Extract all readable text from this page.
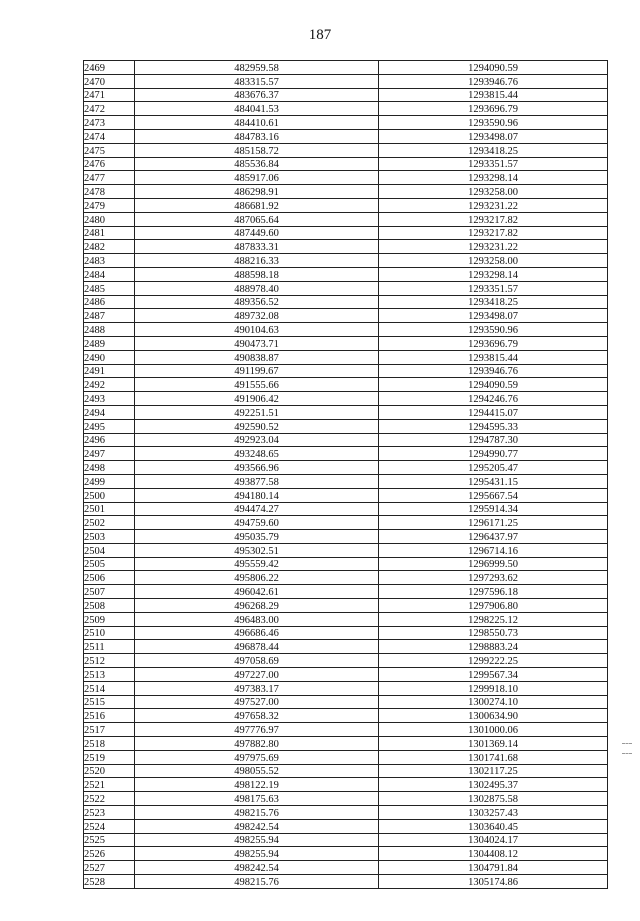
187
2469	482959.58	1294090.59
2470	483315.57	1293946.76
2471	483676.37	1293815.44
2472	484041.53	1293696.79
2473	484410.61	1293590.96
2474	484783.16	1293498.07
2475	485158.72	1293418.25
2476	485536.84	1293351.57
2477	485917.06	1293298.14
2478	486298.91	1293258.00
2479	486681.92	1293231.22
2480	487065.64	1293217.82
2481	487449.60	1293217.82
2482	487833.31	1293231.22
2483	488216.33	1293258.00
2484	488598.18	1293298.14
2485	488978.40	1293351.57
2486	489356.52	1293418.25
2487	489732.08	1293498.07
2488	490104.63	1293590.96
2489	490473.71	1293696.79
2490	490838.87	1293815.44
2491	491199.67	1293946.76
2492	491555.66	1294090.59
2493	491906.42	1294246.76
2494	492251.51	1294415.07
2495	492590.52	1294595.33
2496	492923.04	1294787.30
2497	493248.65	1294990.77
2498	493566.96	1295205.47
2499	493877.58	1295431.15
2500	494180.14	1295667.54
2501	494474.27	1295914.34
2502	494759.60	1296171.25
2503	495035.79	1296437.97
2504	495302.51	1296714.16
2505	495559.42	1296999.50
2506	495806.22	1297293.62
2507	496042.61	1297596.18
2508	496268.29	1297906.80
2509	496483.00	1298225.12
2510	496686.46	1298550.73
2511	496878.44	1298883.24
2512	497058.69	1299222.25
2513	497227.00	1299567.34
2514	497383.17	1299918.10
2515	497527.00	1300274.10
2516	497658.32	1300634.90
2517	497776.97	1301000.06
2518	497882.80	1301369.14
2519	497975.69	1301741.68
2520	498055.52	1302117.25
2521	498122.19	1302495.37
2522	498175.63	1302875.58
2523	498215.76	1303257.43
2524	498242.54	1303640.45
2525	498255.94	1304024.17
2526	498255.94	1304408.12
2527	498242.54	1304791.84
2528	498215.76	1305174.86
